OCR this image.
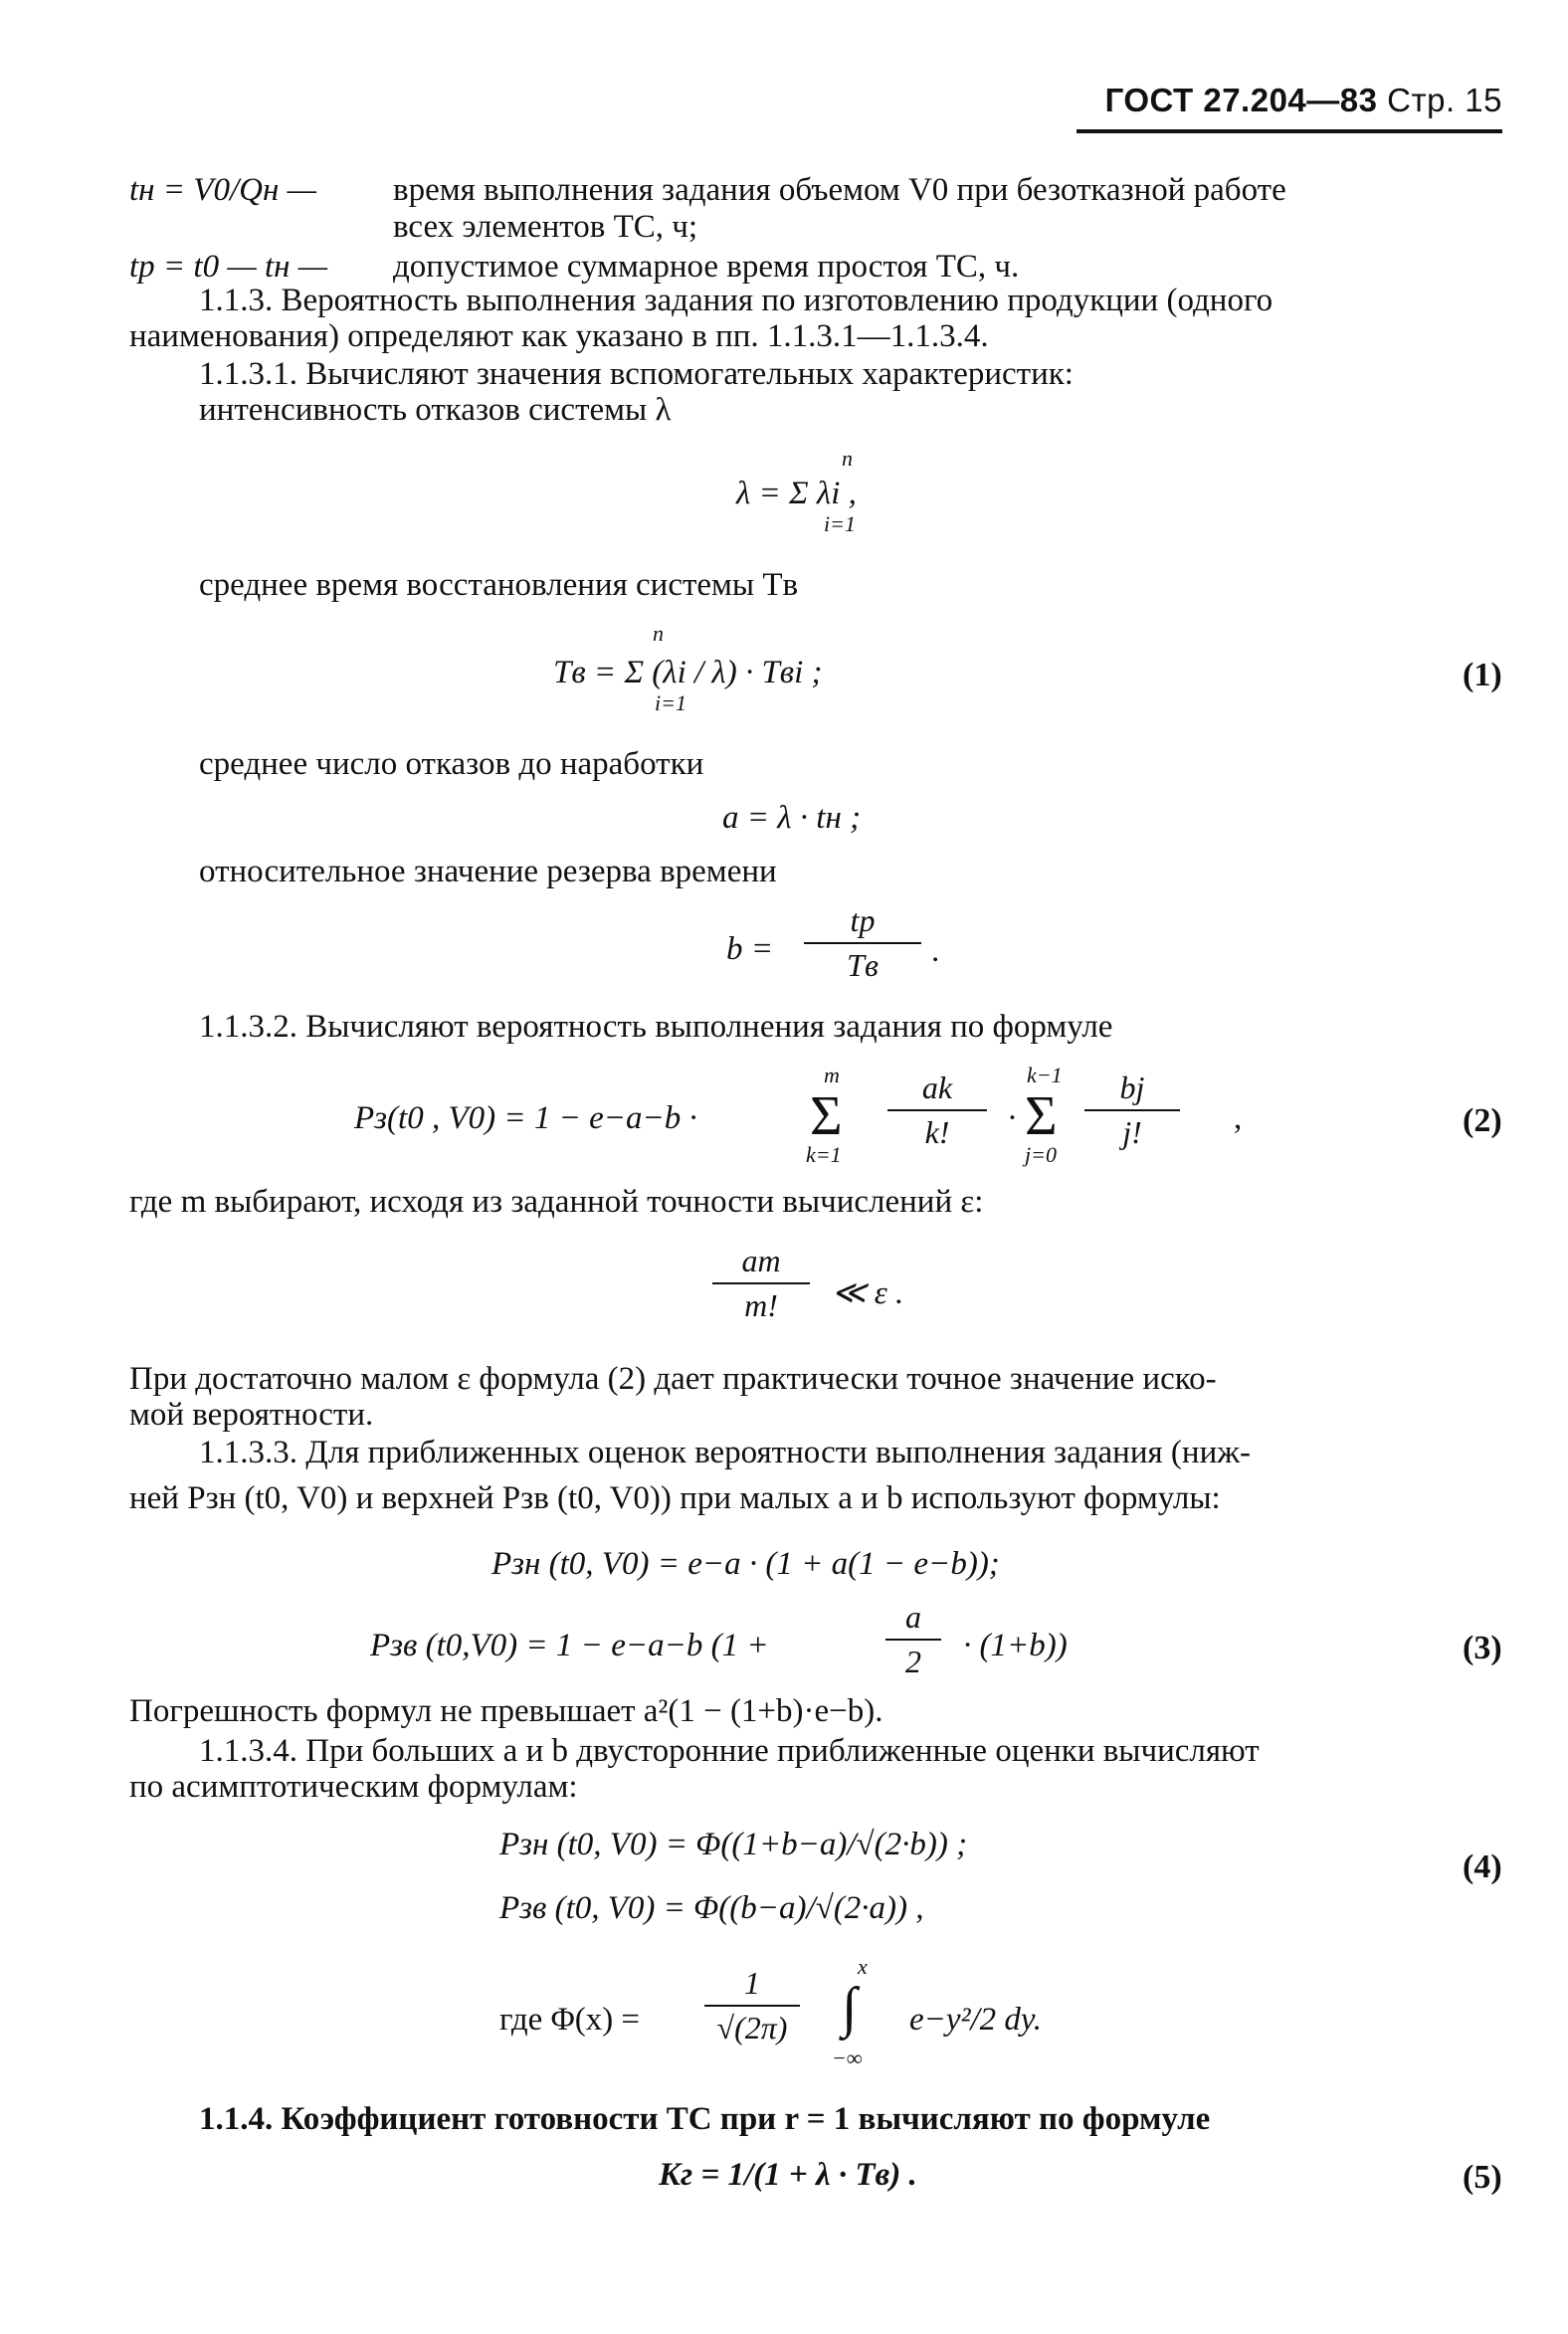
ГОСТ 27.204—83 Стр. 15
tн = V0/Qн — время выполнения задания объемом V0 при безотказной работе
всех элементов ТС, ч;
tр = t0 — tн — допустимое суммарное время простоя ТС, ч.
1.1.3. Вероятность выполнения задания по изготовлению продукции (одного
наименования) определяют как указано в пп. 1.1.3.1—1.1.3.4.
1.1.3.1. Вычисляют значения вспомогательных характеристик:
интенсивность отказов системы λ
n
λ = Σ λi ,
i=1
среднее время восстановления системы Tв
n
Tв = Σ (λi / λ) · Tвi ;
i=1
(1)
среднее число отказов до наработки
a = λ · tн ;
относительное значение резерва времени
b =
tр
Tв	.
1.1.3.2. Вычисляют вероятность выполнения задания по формуле
Pз(t0 , V0) = 1 − e−a−b ·
m
Σ
k=1
ak
k!	·
k−1
Σ
j=0
bj
j!	,	(2)
где m выбирают, исходя из заданной точности вычислений ε:
am
m!	≪ ε .
При достаточно малом ε формула (2) дает практически точное значение иско-
мой вероятности.
1.1.3.3. Для приближенных оценок вероятности выполнения задания (ниж-
ней Pзн (t0, V0) и верхней Pзв (t0, V0)) при малых a и b используют формулы:
Pзн (t0, V0) = e−a · (1 + a(1 − e−b));
Pзв (t0,V0) = 1 − e−a−b (1 +
a
2	· (1+b))	(3)
Погрешность формул не превышает a²(1 − (1+b)·e−b).
1.1.3.4. При больших a и b двусторонние приближенные оценки вычисляют
по асимптотическим формулам:
Pзн (t0, V0) = Φ((1+b−a)/√(2·b)) ;
(4)
Pзв (t0, V0) = Φ((b−a)/√(2·a)) ,
где Φ(x) =
1
√(2π)
x
∫
−∞
e−y²/2 dy.
1.1.4. Коэффициент готовности ТС при r = 1 вычисляют по формуле
Kг = 1/(1 + λ · Tв) .	(5)
